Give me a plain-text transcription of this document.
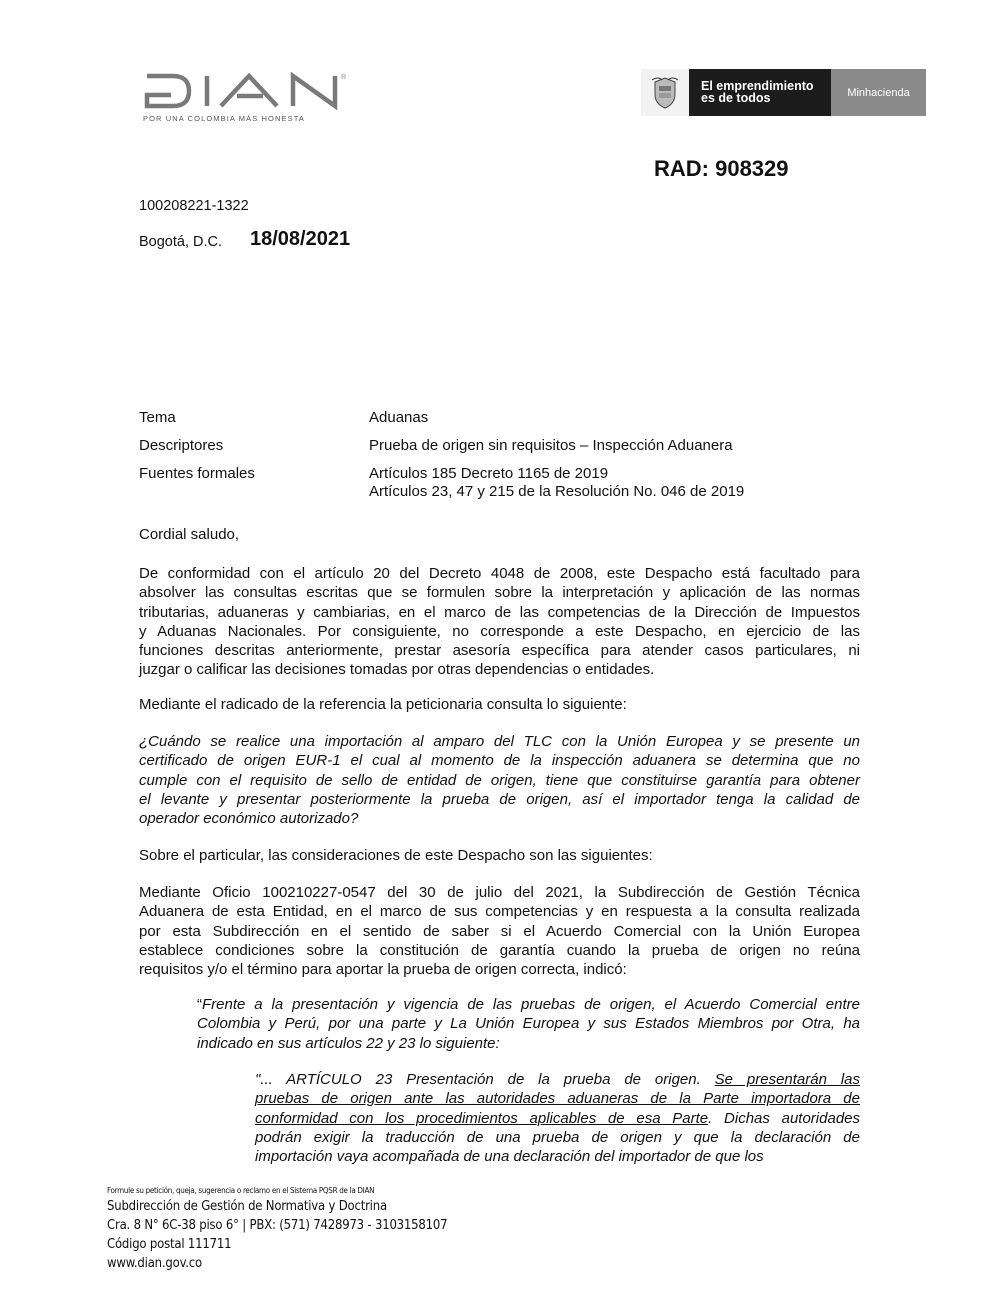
®
POR UNA COLOMBIA MÁS HONESTA
El emprendimiento
es de todos	Minhacienda
RAD: 908329
100208221-1322
Bogotá, D.C. 18/08/2021
Tema	Aduanas
Descriptores	Prueba de origen sin requisitos – Inspección Aduanera
Fuentes formales	Artículos 185 Decreto 1165 de 2019
Artículos 23, 47 y 215 de la Resolución No. 046 de 2019
Cordial saludo,
De conformidad con el artículo 20 del Decreto 4048 de 2008, este Despacho está facultado para
absolver las consultas escritas que se formulen sobre la interpretación y aplicación de las normas
tributarias, aduaneras y cambiarias, en el marco de las competencias de la Dirección de Impuestos
y Aduanas Nacionales. Por consiguiente, no corresponde a este Despacho, en ejercicio de las
funciones descritas anteriormente, prestar asesoría específica para atender casos particulares, ni
juzgar o calificar las decisiones tomadas por otras dependencias o entidades.
Mediante el radicado de la referencia la peticionaria consulta lo siguiente:
¿Cuándo se realice una importación al amparo del TLC con la Unión Europea y se presente un
certificado de origen EUR-1 el cual al momento de la inspección aduanera se determina que no
cumple con el requisito de sello de entidad de origen, tiene que constituirse garantía para obtener
el levante y presentar posteriormente la prueba de origen, así el importador tenga la calidad de
operador económico autorizado?
Sobre el particular, las consideraciones de este Despacho son las siguientes:
Mediante Oficio 100210227-0547 del 30 de julio del 2021, la Subdirección de Gestión Técnica
Aduanera de esta Entidad, en el marco de sus competencias y en respuesta a la consulta realizada
por esta Subdirección en el sentido de saber si el Acuerdo Comercial con la Unión Europea
establece condiciones sobre la constitución de garantía cuando la prueba de origen no reúna
requisitos y/o el término para aportar la prueba de origen correcta, indicó:
“Frente a la presentación y vigencia de las pruebas de origen, el Acuerdo Comercial entre
Colombia y Perú, por una parte y La Unión Europea y sus Estados Miembros por Otra, ha
indicado en sus artículos 22 y 23 lo siguiente:
"... ARTÍCULO 23 Presentación de la prueba de origen. Se presentarán las
pruebas de origen ante las autoridades aduaneras de la Parte importadora de
conformidad con los procedimientos aplicables de esa Parte. Dichas autoridades
podrán exigir la traducción de una prueba de origen y que la declaración de
importación vaya acompañada de una declaración del importador de que los
Formule su petición, queja, sugerencia o reclamo en el Sistema PQSR de la DIAN
Subdirección de Gestión de Normativa y Doctrina
Cra. 8 N° 6C-38 piso 6° | PBX: (571) 7428973 - 3103158107
Código postal 111711
www.dian.gov.co
